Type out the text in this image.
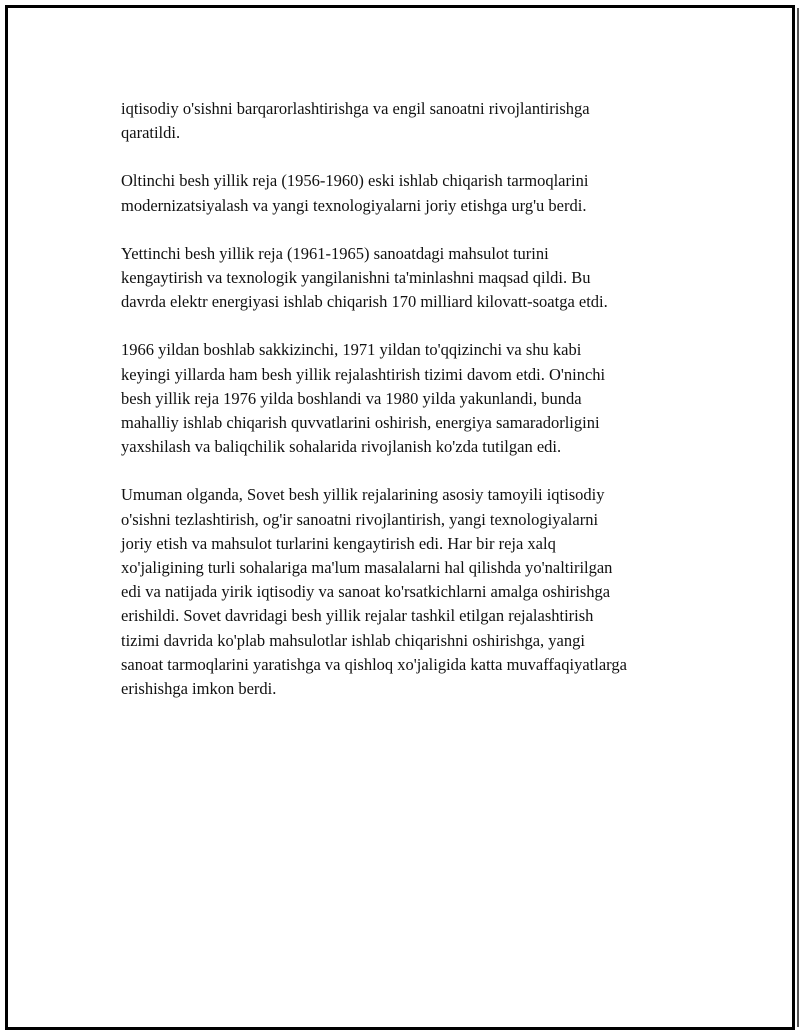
iqtisodiy o'sishni barqarorlashtirishga va engil sanoatni rivojlantirishga
qaratildi.

Oltinchi besh yillik reja (1956-1960) eski ishlab chiqarish tarmoqlarini
modernizatsiyalash va yangi texnologiyalarni joriy etishga urg'u berdi.

Yettinchi besh yillik reja (1961-1965) sanoatdagi mahsulot turini
kengaytirish va texnologik yangilanishni ta'minlashni maqsad qildi. Bu
davrda elektr energiyasi ishlab chiqarish 170 milliard kilovatt-soatga etdi.

1966 yildan boshlab sakkizinchi, 1971 yildan to'qqizinchi va shu kabi
keyingi yillarda ham besh yillik rejalashtirish tizimi davom etdi. O'ninchi
besh yillik reja 1976 yilda boshlandi va 1980 yilda yakunlandi, bunda
mahalliy ishlab chiqarish quvvatlarini oshirish, energiya samaradorligini
yaxshilash va baliqchilik sohalarida rivojlanish ko'zda tutilgan edi.

Umuman olganda, Sovet besh yillik rejalarining asosiy tamoyili iqtisodiy
o'sishni tezlashtirish, og'ir sanoatni rivojlantirish, yangi texnologiyalarni
joriy etish va mahsulot turlarini kengaytirish edi. Har bir reja xalq
xo'jaligining turli sohalariga ma'lum masalalarni hal qilishda yo'naltirilgan
edi va natijada yirik iqtisodiy va sanoat ko'rsatkichlarni amalga oshirishga
erishildi. Sovet davridagi besh yillik rejalar tashkil etilgan rejalashtirish
tizimi davrida ko'plab mahsulotlar ishlab chiqarishni oshirishga, yangi
sanoat tarmoqlarini yaratishga va qishloq xo'jaligida katta muvaffaqiyatlarga
erishishga imkon berdi.
